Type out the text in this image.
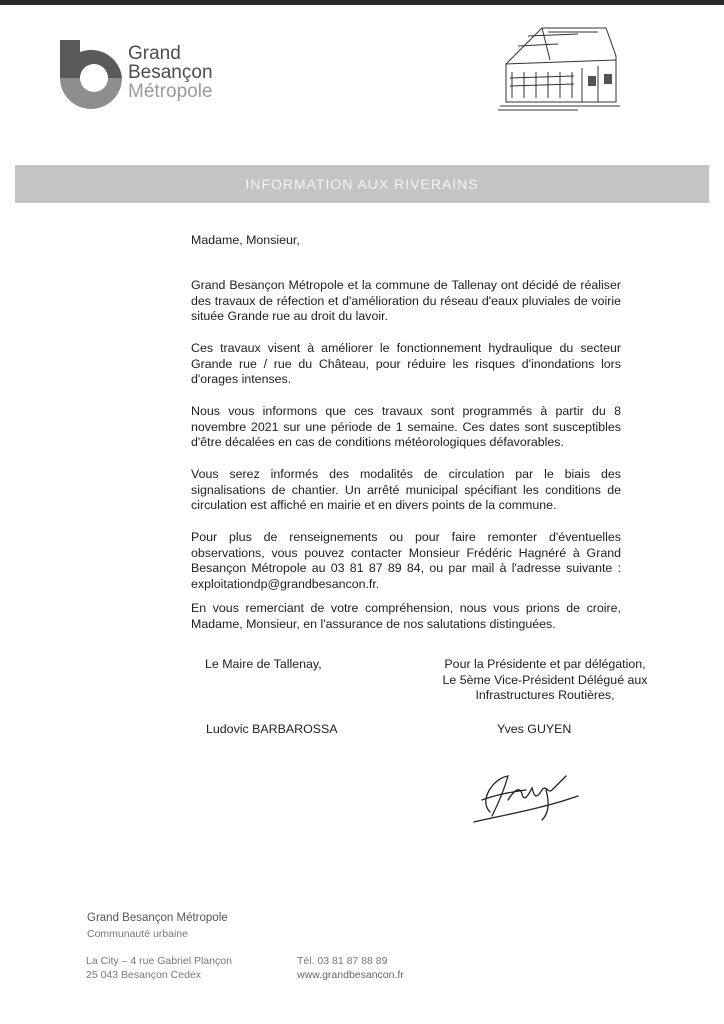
Grand
Besançon
Métropole
INFORMATION AUX RIVERAINS
Madame, Monsieur,

Grand Besançon Métropole et la commune de Tallenay ont décidé de réaliser des travaux de réfection et d'amélioration du réseau d'eaux pluviales de voirie située Grande rue au droit du lavoir.

Ces travaux visent à améliorer le fonctionnement hydraulique du secteur Grande rue / rue du Château, pour réduire les risques d'inondations lors d'orages intenses.

Nous vous informons que ces travaux sont programmés à partir du 8 novembre 2021 sur une période de 1 semaine. Ces dates sont susceptibles d'être décalées en cas de conditions météorologiques défavorables.

Vous serez informés des modalités de circulation par le biais des signalisations de chantier. Un arrêté municipal spécifiant les conditions de circulation est affiché en mairie et en divers points de la commune.

Pour plus de renseignements ou pour faire remonter d'éventuelles observations, vous pouvez contacter Monsieur Frédéric Hagnéré à Grand Besançon Métropole au 03 81 87 89 84, ou par mail à l'adresse suivante : exploitationdp@grandbesancon.fr.

En vous remerciant de votre compréhension, nous vous prions de croire, Madame, Monsieur, en l'assurance de nos salutations distinguées.

Le Maire de Tallenay,	Pour la Présidente et par délégation,
Le 5ème Vice-Président Délégué aux
Infrastructures Routières,
Ludovic BARBAROSSA	Yves GUYEN
Grand Besançon Métropole
Communauté urbaine
La City – 4 rue Gabriel Plançon
25 043 Besançon Cedex
Tél. 03 81 87 88 89
www.grandbesancon.fr
